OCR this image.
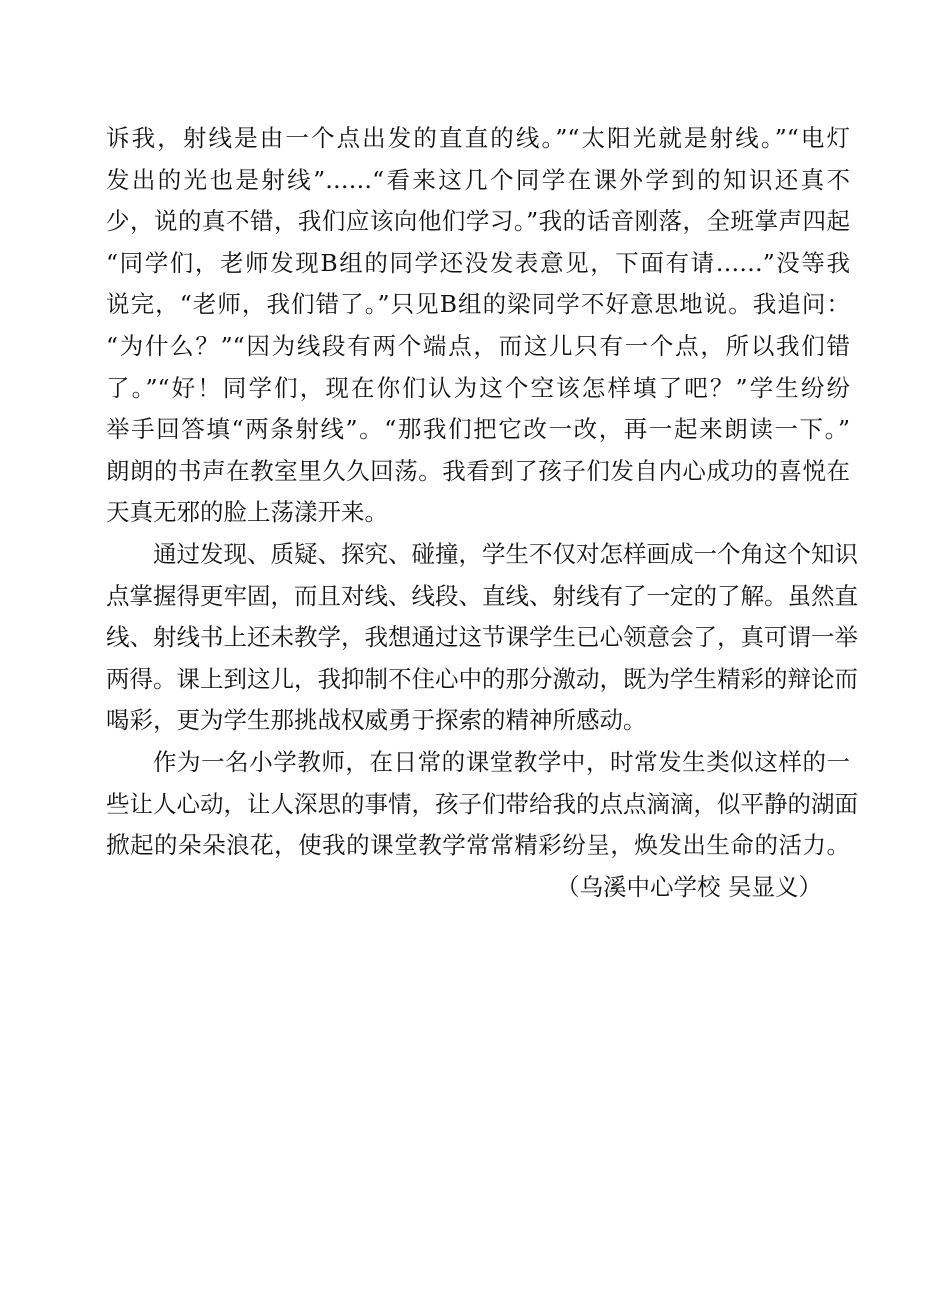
诉我，射线是由一个点出发的直直的线。”“太阳光就是射线。”“电灯
发出的光也是射线”……“看来这几个同学在课外学到的知识还真不
少，说的真不错，我们应该向他们学习。”我的话音刚落，全班掌声四起
“同学们，老师发现B组的同学还没发表意见，下面有请……”没等我
说完，“老师，我们错了。”只见B组的梁同学不好意思地说。我追问：
“为什么？”“因为线段有两个端点，而这儿只有一个点，所以我们错
了。”“好！同学们，现在你们认为这个空该怎样填了吧？”学生纷纷
举手回答填“两条射线”。“那我们把它改一改，再一起来朗读一下。”
朗朗的书声在教室里久久回荡。我看到了孩子们发自内心成功的喜悦在
天真无邪的脸上荡漾开来。
通过发现、质疑、探究、碰撞，学生不仅对怎样画成一个角这个知识
点掌握得更牢固，而且对线、线段、直线、射线有了一定的了解。虽然直
线、射线书上还未教学，我想通过这节课学生已心领意会了，真可谓一举
两得。课上到这儿，我抑制不住心中的那分激动，既为学生精彩的辩论而
喝彩，更为学生那挑战权威勇于探索的精神所感动。
作为一名小学教师，在日常的课堂教学中，时常发生类似这样的一
些让人心动，让人深思的事情，孩子们带给我的点点滴滴，似平静的湖面
掀起的朵朵浪花，使我的课堂教学常常精彩纷呈，焕发出生命的活力。
（乌溪中心学校 吴显义）
